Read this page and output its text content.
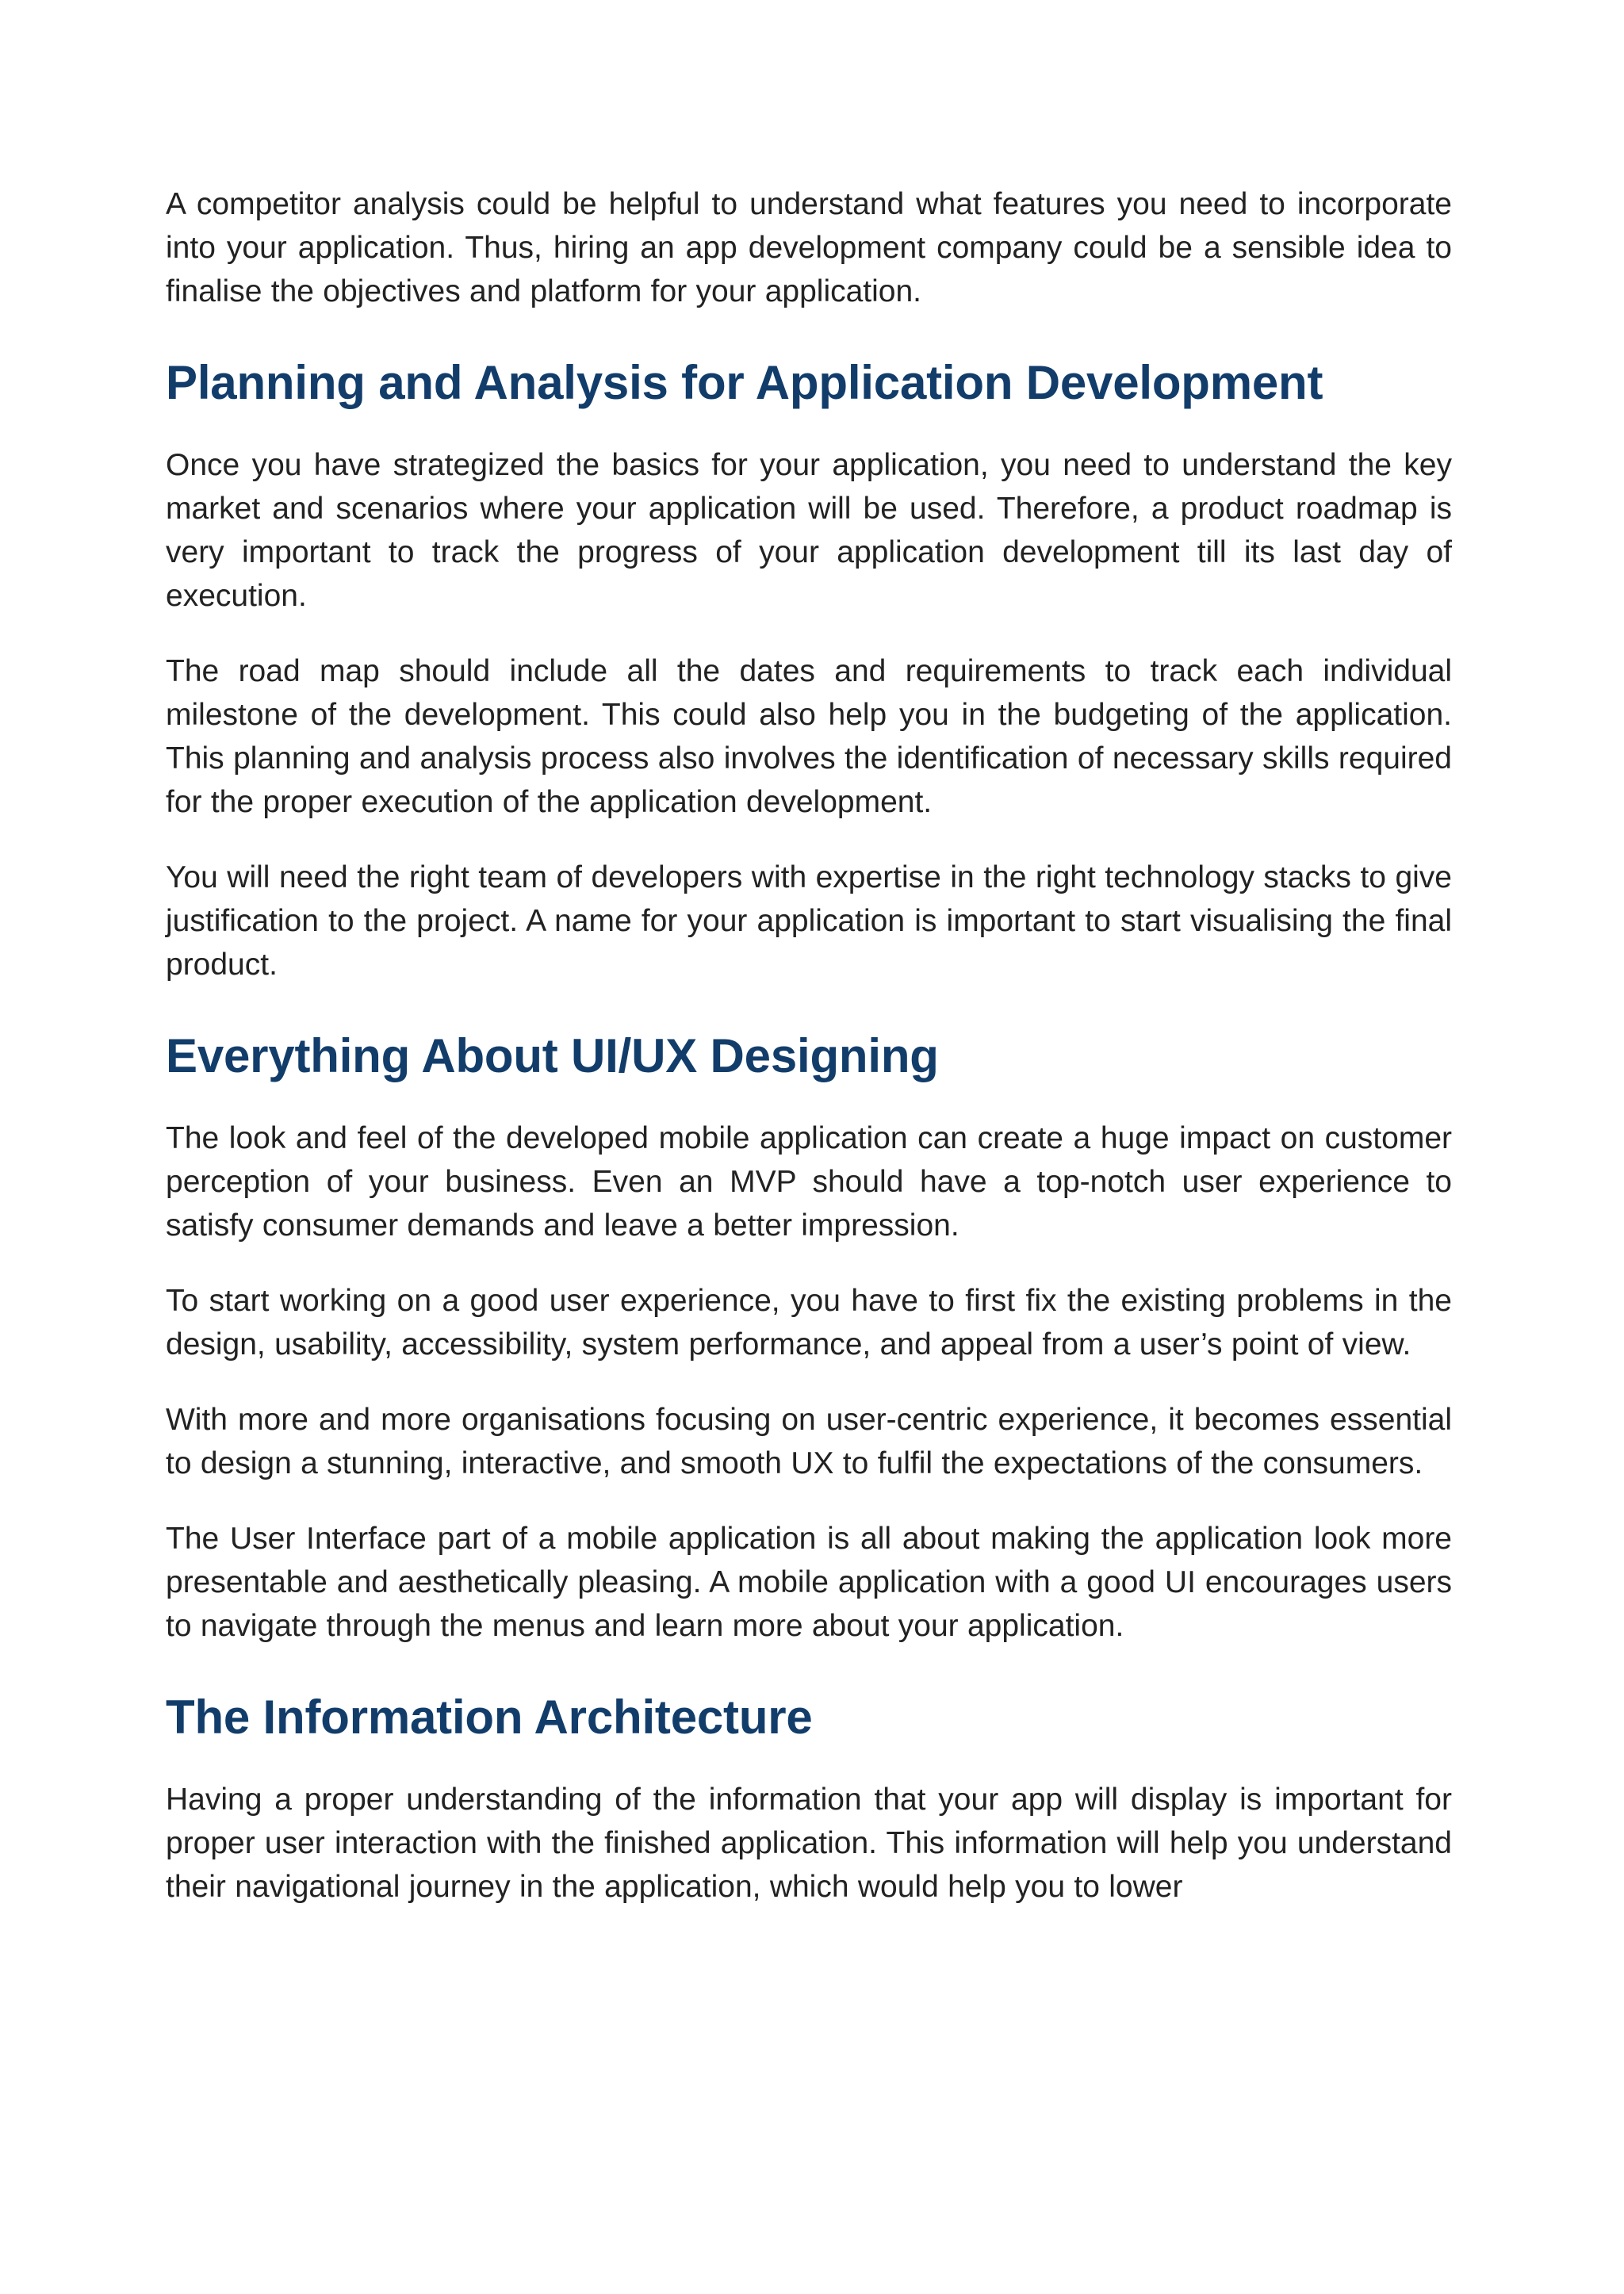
A competitor analysis could be helpful to understand what features you need to incorporate into your application. Thus, hiring an app development company could be a sensible idea to finalise the objectives and platform for your application.

Planning and Analysis for Application Development

Once you have strategized the basics for your application, you need to understand the key market and scenarios where your application will be used. Therefore, a product roadmap is very important to track the progress of your application development till its last day of execution.

The road map should include all the dates and requirements to track each individual milestone of the development. This could also help you in the budgeting of the application. This planning and analysis process also involves the identification of necessary skills required for the proper execution of the application development.

You will need the right team of developers with expertise in the right technology stacks to give justification to the project. A name for your application is important to start visualising the final product.

Everything About UI/UX Designing

The look and feel of the developed mobile application can create a huge impact on customer perception of your business. Even an MVP should have a top-notch user experience to satisfy consumer demands and leave a better impression.

To start working on a good user experience, you have to first fix the existing problems in the design, usability, accessibility, system performance, and appeal from a user’s point of view.

With more and more organisations focusing on user-centric experience, it becomes essential to design a stunning, interactive, and smooth UX to fulfil the expectations of the consumers.

The User Interface part of a mobile application is all about making the application look more presentable and aesthetically pleasing. A mobile application with a good UI encourages users to navigate through the menus and learn more about your application.

The Information Architecture

Having a proper understanding of the information that your app will display is important for proper user interaction with the finished application. This information will help you understand their navigational journey in the application, which would help you to lower
